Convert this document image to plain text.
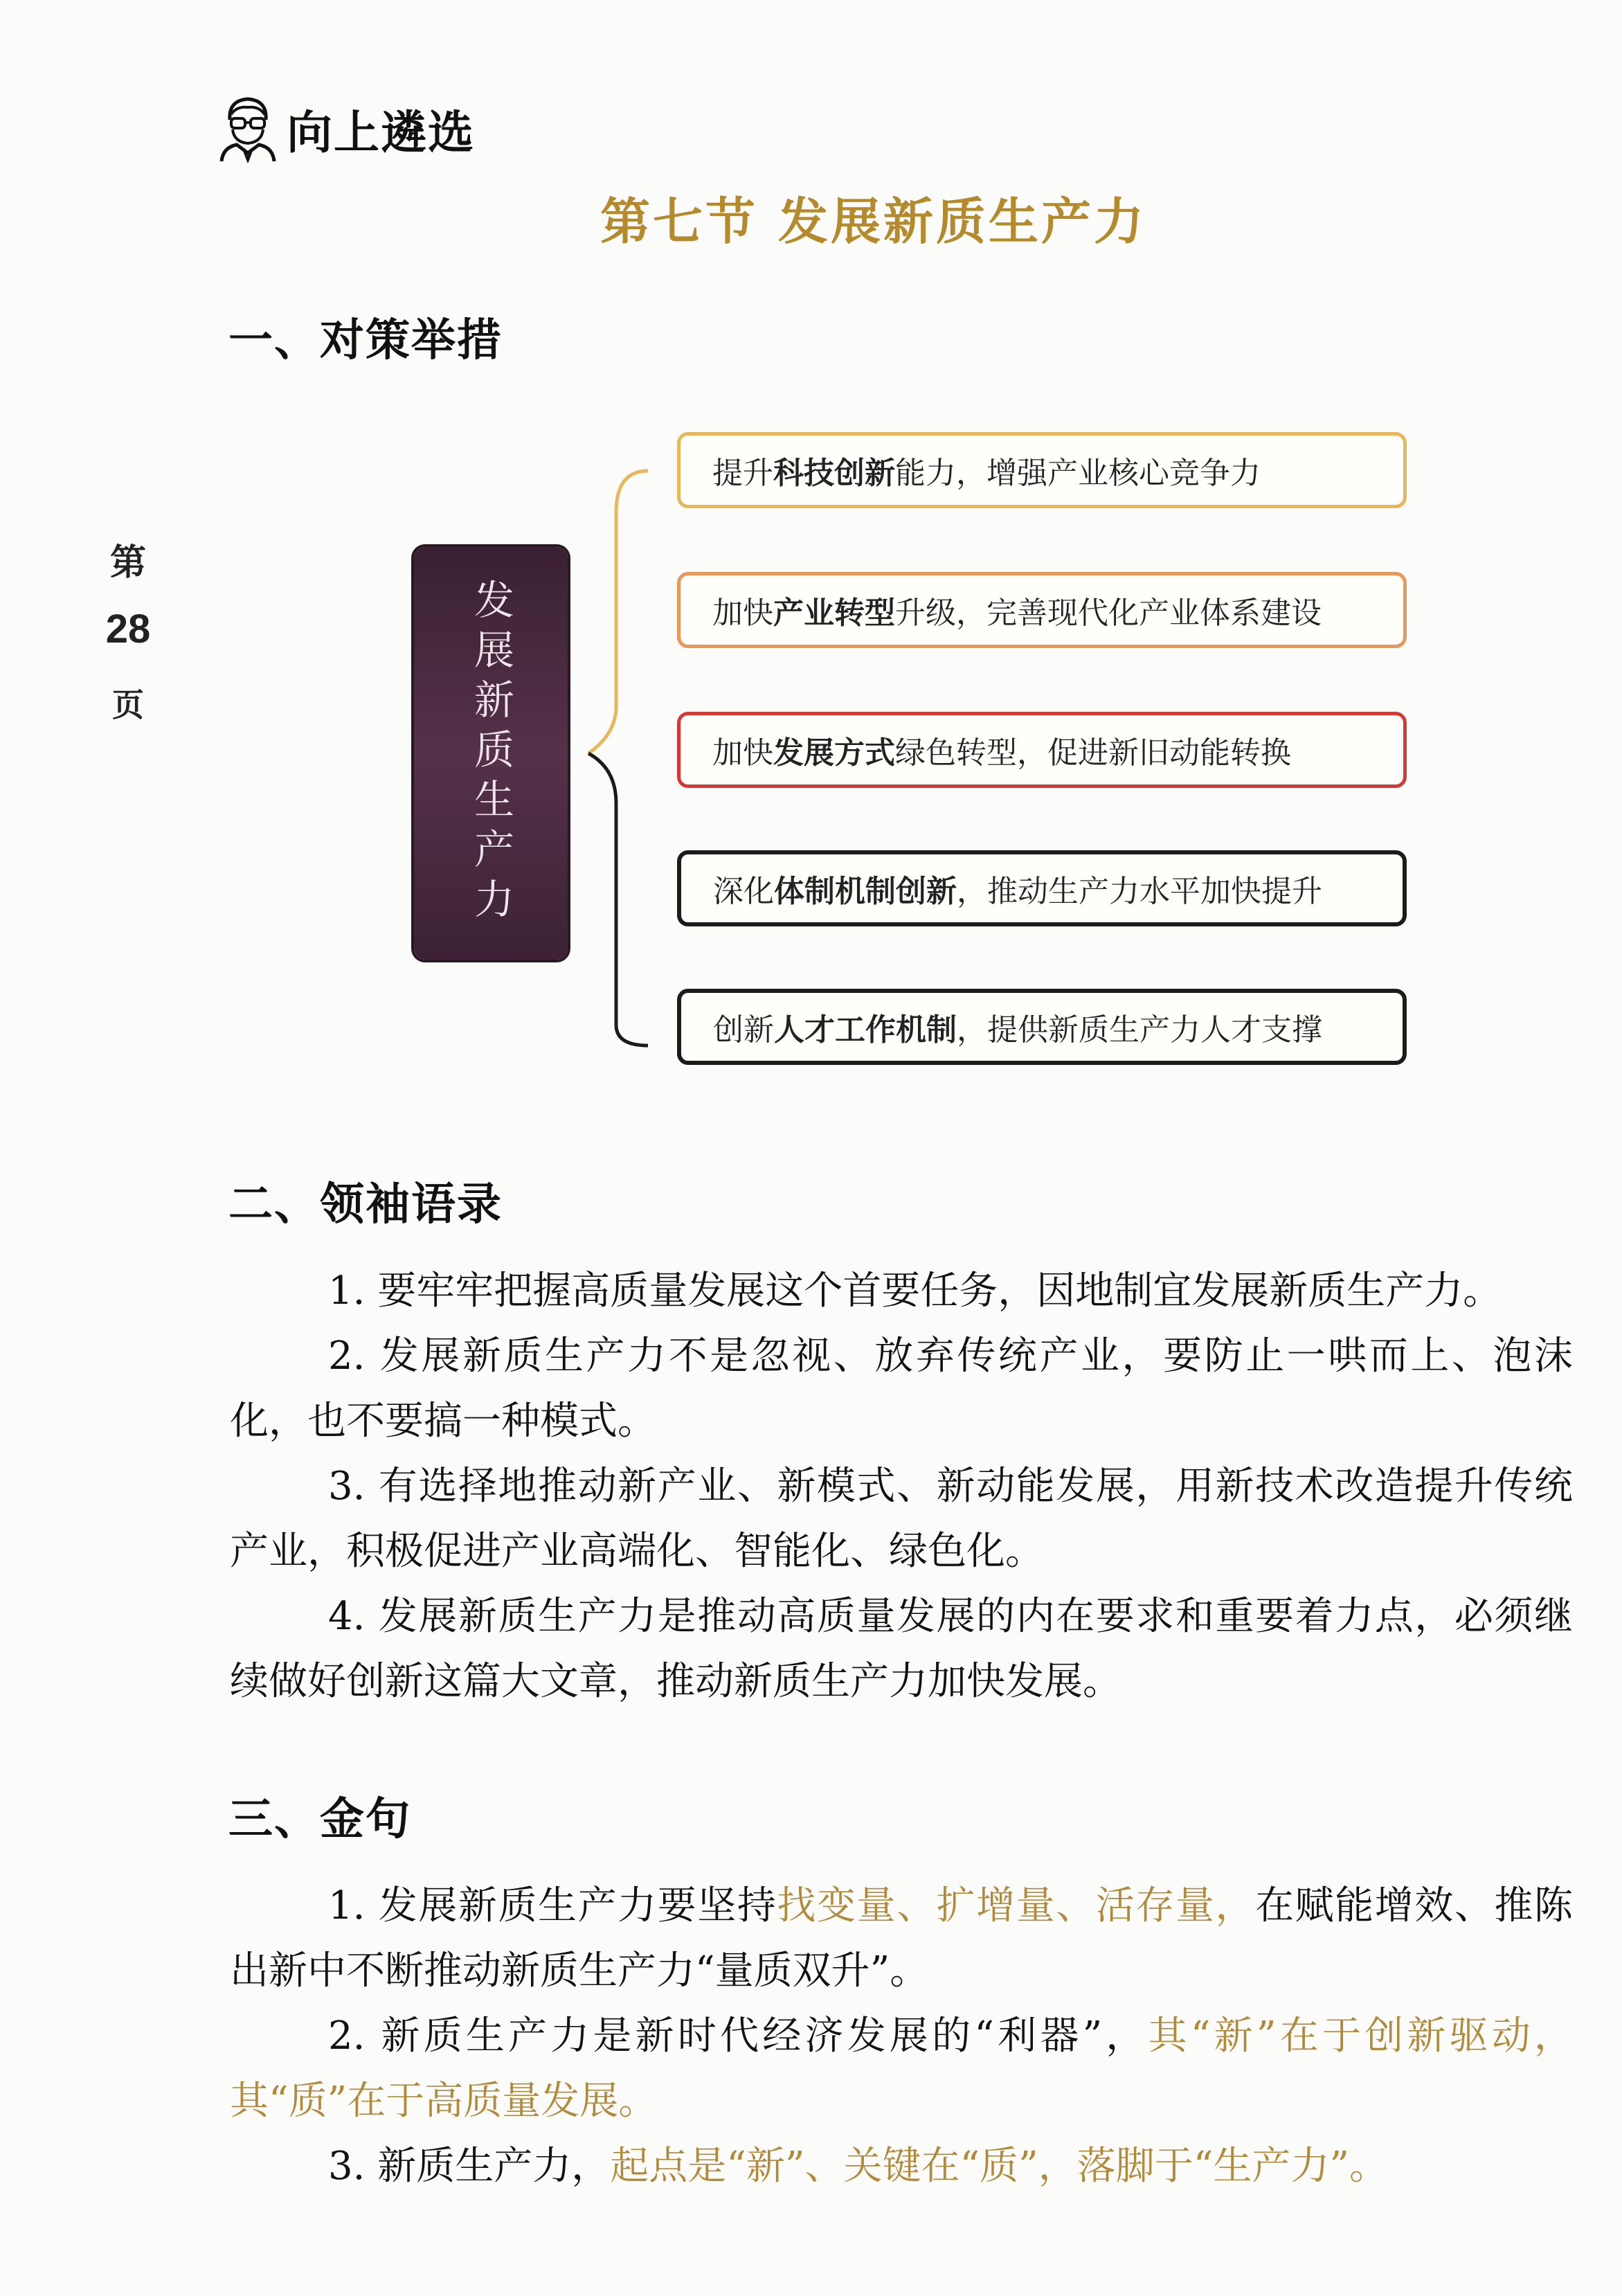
向上遴选
第七节 发展新质生产力
第
28
页
一、对策举措
发展新质生产力
提升 科技创新 能力，增强产业核心竞争力
加快 产业转型 升级，完善现代化产业体系建设
加快 发展方式 绿色转型，促进新旧动能转换
深化 体制机制创新 ，推动生产力水平加快提升
创新 人才工作机制 ，提供新质生产力人才支撑
二、领袖语录
1. 要牢牢把握高质量发展这个首要任务，因地制宜发展新质生产力。
2. 发展新质生产力不是忽视、放弃传统产业，要防止一哄而上、泡沫化，也不要搞一种模式。
3. 有选择地推动新产业、新模式、新动能发展，用新技术改造提升传统产业，积极促进产业高端化、智能化、绿色化。
4. 发展新质生产力是推动高质量发展的内在要求和重要着力点，必须继续做好创新这篇大文章，推动新质生产力加快发展。
三、金句
1. 发展新质生产力要坚持找变量、扩增量、活存量，在赋能增效、推陈出新中不断推动新质生产力“量质双升”。
2. 新质生产力是新时代经济发展的“利器”，其“新”在于创新驱动，其“质”在于高质量发展。
3. 新质生产力，起点是“新”、关键在“质”，落脚于“生产力”。
